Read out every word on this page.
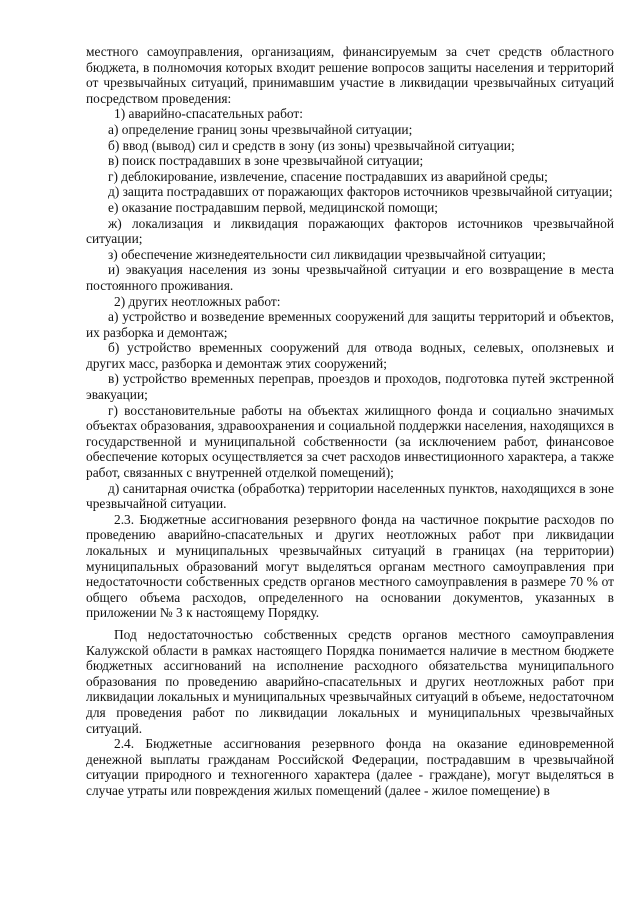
местного самоуправления, организациям, финансируемым за счет средств областного бюджета, в полномочия которых входит решение вопросов защиты населения и территорий от чрезвычайных ситуаций, принимавшим участие в ликвидации чрезвычайных ситуаций посредством проведения:

1) аварийно-спасательных работ:

а) определение границ зоны чрезвычайной ситуации;

б) ввод (вывод) сил и средств в зону (из зоны) чрезвычайной ситуации;

в) поиск пострадавших в зоне чрезвычайной ситуации;

г) деблокирование, извлечение, спасение пострадавших из аварийной среды;

д) защита пострадавших от поражающих факторов источников чрезвычайной ситуации;

е) оказание пострадавшим первой, медицинской помощи;

ж) локализация и ликвидация поражающих факторов источников чрезвычайной ситуации;

з) обеспечение жизнедеятельности сил ликвидации чрезвычайной ситуации;

и) эвакуация населения из зоны чрезвычайной ситуации и его возвращение в места постоянного проживания.

2) других неотложных работ:

а) устройство и возведение временных сооружений для защиты территорий и объектов, их разборка и демонтаж;

б) устройство временных сооружений для отвода водных, селевых, оползневых и других масс, разборка и демонтаж этих сооружений;

в) устройство временных переправ, проездов и проходов, подготовка путей экстренной эвакуации;

г) восстановительные работы на объектах жилищного фонда и социально значимых объектах образования, здравоохранения и социальной поддержки населения, находящихся в государственной и муниципальной собственности (за исключением работ, финансовое обеспечение которых осуществляется за счет расходов инвестиционного характера, а также работ, связанных с внутренней отделкой помещений);

д) санитарная очистка (обработка) территории населенных пунктов, находящихся в зоне чрезвычайной ситуации.

2.3. Бюджетные ассигнования резервного фонда на частичное покрытие расходов по проведению аварийно-спасательных и других неотложных работ при ликвидации локальных и муниципальных чрезвычайных ситуаций в границах (на территории) муниципальных образований могут выделяться органам местного самоуправления при недостаточности собственных средств органов местного самоуправления в размере 70 % от общего объема расходов, определенного на основании документов, указанных в приложении № 3 к настоящему Порядку.

Под недостаточностью собственных средств органов местного самоуправления Калужской области в рамках настоящего Порядка понимается наличие в местном бюджете бюджетных ассигнований на исполнение расходного обязательства муниципального образования по проведению аварийно-спасательных и других неотложных работ при ликвидации локальных и муниципальных чрезвычайных ситуаций в объеме, недостаточном для проведения работ по ликвидации локальных и муниципальных чрезвычайных ситуаций.

2.4. Бюджетные ассигнования резервного фонда на оказание единовременной денежной выплаты гражданам Российской Федерации, пострадавшим в чрезвычайной ситуации природного и техногенного характера (далее - граждане), могут выделяться в случае утраты или повреждения жилых помещений (далее - жилое помещение) в
